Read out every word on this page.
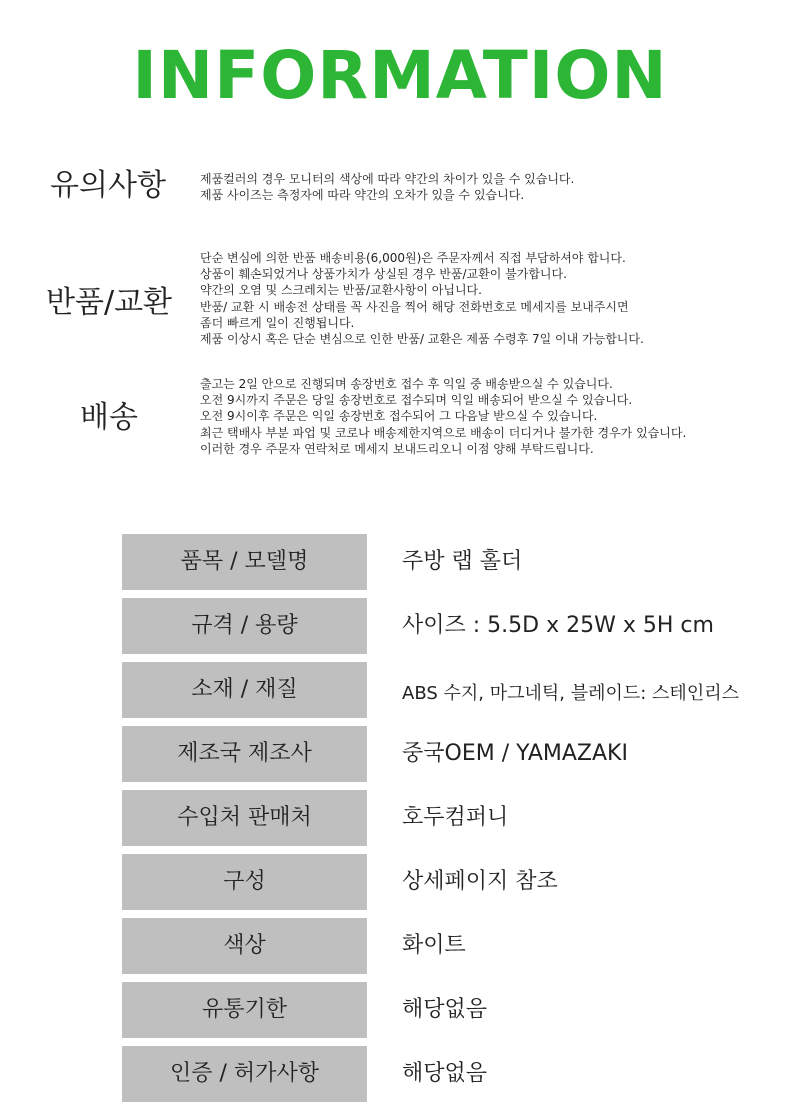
INFORMATION
유의사항	제품컬러의 경우 모니터의 색상에 따라 약간의 차이가 있을 수 있습니다.
제품 사이즈는 측정자에 따라 약간의 오차가 있을 수 있습니다.
반품/교환
단순 변심에 의한 반품 배송비용(6,000원)은 주문자께서 직접 부담하셔야 합니다.
상품이 훼손되었거나 상품가치가 상실된 경우 반품/교환이 불가합니다.
약간의 오염 및 스크레치는 반품/교환사항이 아닙니다.
반품/ 교환 시 배송전 상태를 꼭 사진을 찍어 해당 전화번호로 메세지를 보내주시면
좀더 빠르게 일이 진행됩니다.
제품 이상시 혹은 단순 변심으로 인한 반품/ 교환은 제품 수령후 7일 이내 가능합니다.
배송
출고는 2일 안으로 진행되며 송장번호 접수 후 익일 중 배송받으실 수 있습니다.
오전 9시까지 주문은 당일 송장번호로 접수되며 익일 배송되어 받으실 수 있습니다.
오전 9시이후 주문은 익일 송장번호 접수되어 그 다음날 받으실 수 있습니다.
최근 택배사 부분 파업 및 코로나 배송제한지역으로 배송이 더디거나 불가한 경우가 있습니다.
이러한 경우 주문자 연락처로 메세지 보내드리오니 이점 양해 부탁드립니다.
품목 / 모델명	주방 랩 홀더
규격 / 용량	사이즈 : 5.5D x 25W x 5H cm
소재 / 재질	ABS 수지, 마그네틱, 블레이드: 스테인리스
제조국 제조사	중국OEM / YAMAZAKI
수입처 판매처	호두컴퍼니
구성	상세페이지 참조
색상	화이트
유통기한	해당없음
인증 / 허가사항	해당없음
